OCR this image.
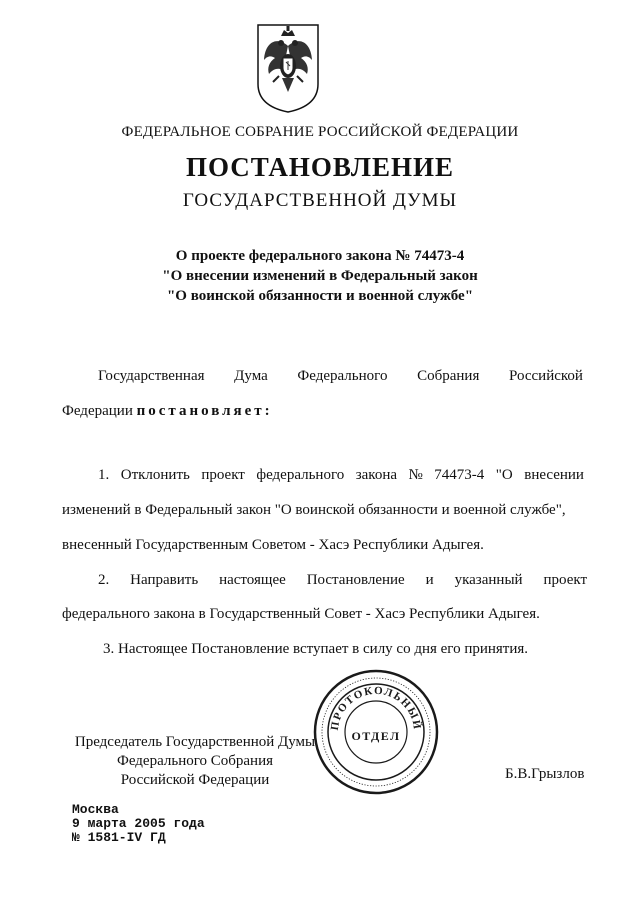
ФЕДЕРАЛЬНОЕ СОБРАНИЕ РОССИЙСКОЙ ФЕДЕРАЦИИ
ПОСТАНОВЛЕНИЕ
ГОСУДАРСТВЕННОЙ ДУМЫ
О проекте федерального закона № 74473-4
"О внесении изменений в Федеральный закон
"О воинской обязанности и военной службе"
Государственная Дума Федерального Собрания Российской
Федерации постановляет:
1. Отклонить проект федерального закона № 74473-4 "О внесении
изменений в Федеральный закон "О воинской обязанности и военной службе",
внесенный Государственным Советом - Хасэ Республики Адыгея.
2. Направить настоящее Постановление и указанный проект
федерального закона в Государственный Совет - Хасэ Республики Адыгея.
3. Настоящее Постановление вступает в силу со дня его принятия.
Председатель Государственной Думы
Федерального Собрания
Российской Федерации
ПРОТОКОЛЬНЫЙ
ОТДЕЛ
Б.В.Грызлов
Москва
9 марта 2005 года
№ 1581-IV ГД
